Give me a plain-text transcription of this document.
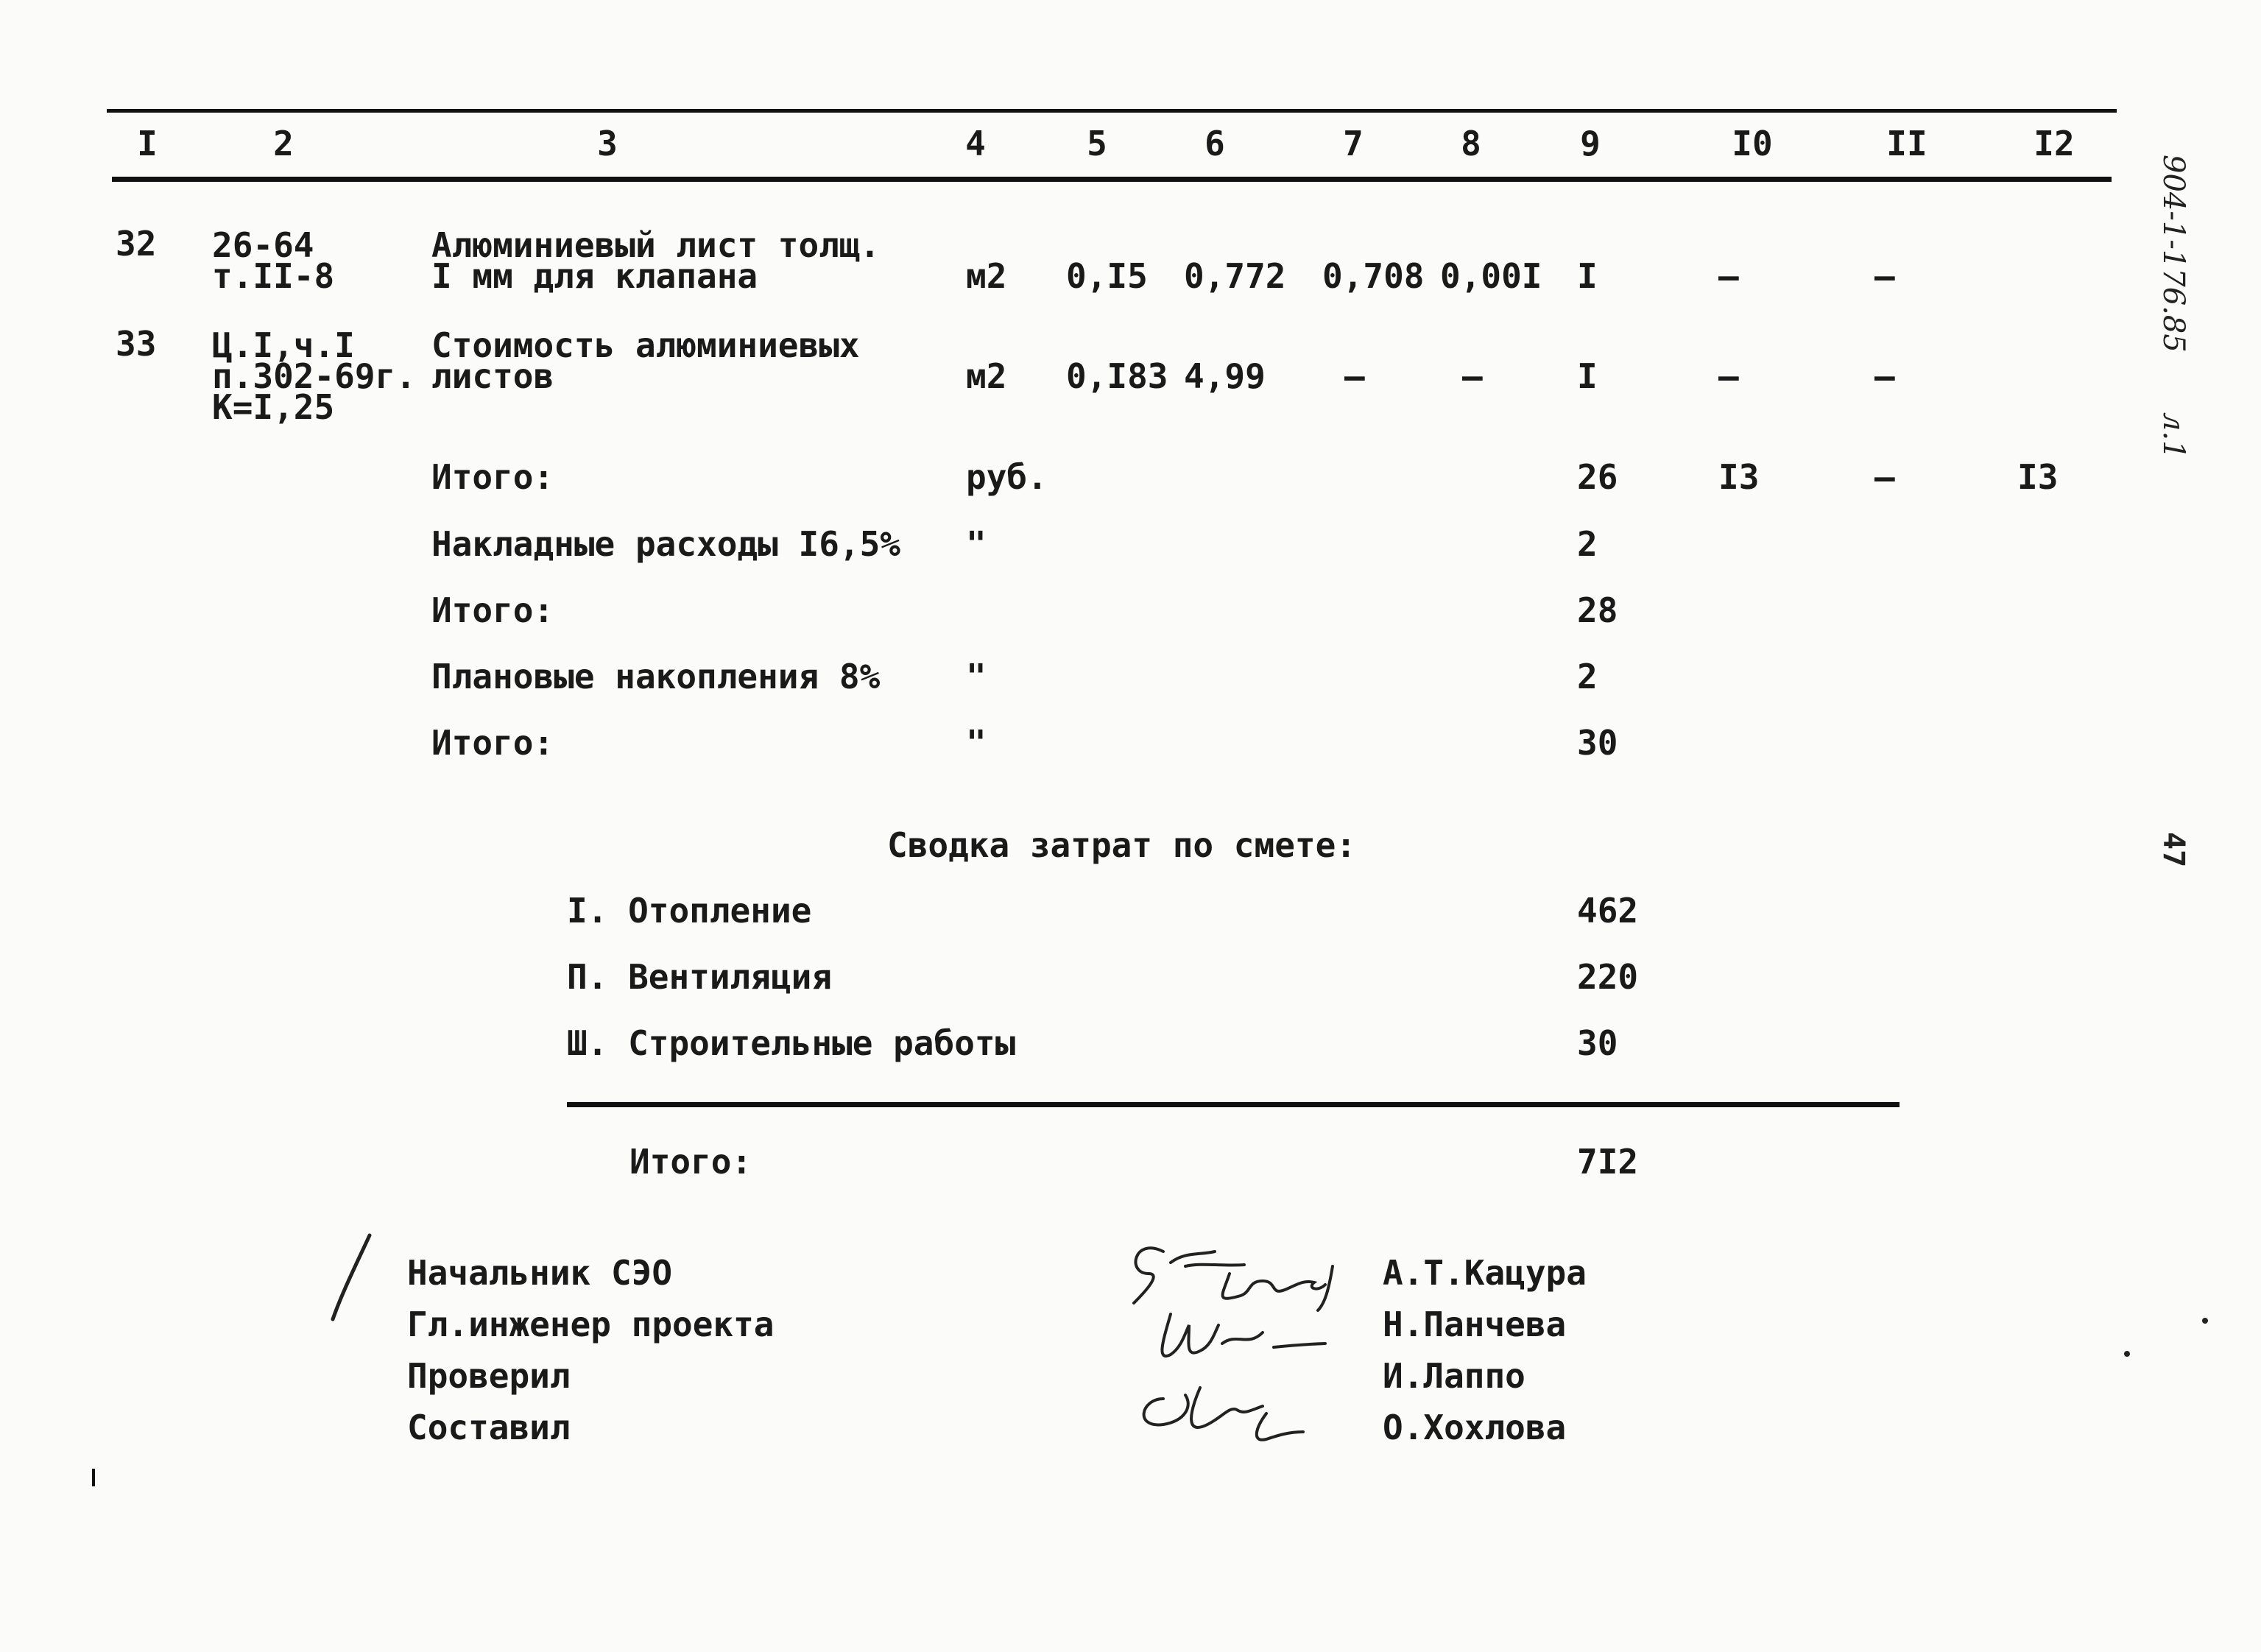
I	2	3	4	5	6	7	8	9	I0	II	I2
32 26-64
т.II-8
Алюминиевый лист толщ.
I мм для клапана	м2 0,I5 0,772 0,708 0,00I I	–	–
33 Ц.I,ч.I
п.302-69г.
К=I,25
Стоимость алюминиевых
листов	м2 0,I83 4,99 –	–	I	–	–
Итого:	руб.	26	I3	–	I3
Накладные расходы I6,5% "	2
Итого:	28
Плановые накопления 8%	"	2
Итого:	"	30
Сводка затрат по смете:
I. Отопление	462
П. Вентиляция	220
Ш. Строительные работы	30
Итого:	7I2
Начальник СЭО
Гл.инженер проекта
Проверил
Составил
А.Т.Кацура
Н.Панчева
И.Лаппо
О.Хохлова
904-1-176.85
л.1
47
